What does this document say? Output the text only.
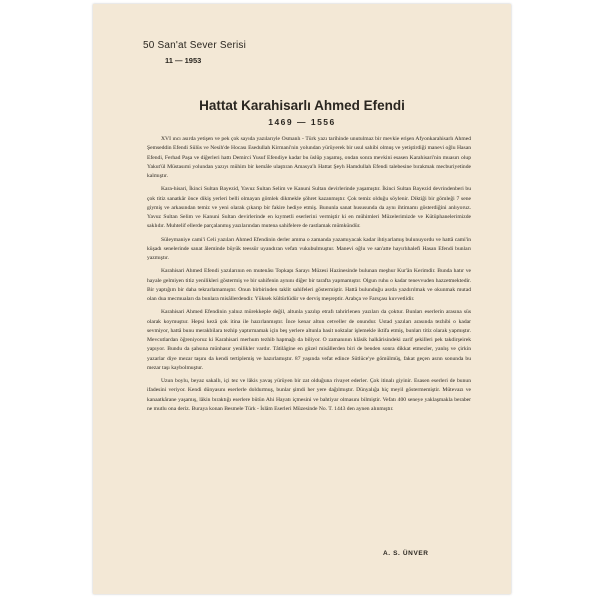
50 San'at Sever Serisi
11 — 1953
Hattat Karahisarlı Ahmed Efendi
1469 — 1556

XVI ıncı asırda yetişen ve pek çok sayıda yazılarıyle Osmanlı - Türk yazı tarihinde unutulmaz bir mevkie erişen Afyonkarahisarlı Ahmed Şemseddin Efendi Sülüs ve Nesih'de Hocası Esedullah Kirmani'nin yolundan yürüyerek bir usul sahibi olmuş ve yetiştirdiği manevi oğlu Hasan Efendi, Ferhad Paşa ve diğerleri hattı Demirci Yusuf Efendiye kadar bu üslûp yaşamış, ondan sonra mevkini esasen Karahisari'nin muasırı olup Yakut'ül Müstasımi yolundan yazıyı mühim bir kemâle ulaştıran Amasya'lı Hattat Şeyh Hamdullah Efendi talebesine bırakmak mecburiyetinde kalmıştır.

Kara-hisari, İkinci Sultan Bayezid, Yavuz Sultan Selim ve Kanuni Sultan devirlerinde yaşamıştır. İkinci Sultan Bayezid devrindenberi bu çok titiz sanatkâr önce dikiş yerleri belli olmayan gömlek dikmekle şöhret kazanmıştır. Çok temiz olduğu söylenir. Diktiği bir gömleği 7 sene giymiş ve arkasından temiz ve yeni olarak çıkarıp bir fakire hediye etmiş. Bununla sanat hususunda da aynı ihtimamı gösterdiğini anlıyoruz. Yavuz Sultan Selim ve Kanuni Sultan devirlerinde en kıymetli eserlerini vermiştir ki en mühimleri Müzelerimizde ve Kütüphanelerimizde saklıdır. Muhtelif ellerde parçalanmış yazılarından mutena sahifelere de rastlamak mümkündür.

Süleymaniye cami'i Celi yazıları Ahmed Efendinin derler amma o zamanda yazamıyacak kadar ihtiyarlamış bulunuyordu ve hattâ cami'in küşadı senelerinde sanat âleminde büyük teessür uyandıran vefatı vukubulmuştur. Manevi oğlu ve san'atte hayırlıhalefi Hasan Efendi bunları yazmıştır.

Karahisari Ahmed Efendi yazılarının en mutenâsı Topkapı Sarayı Müzesi Hazinesinde bulunan meşhur Kur'ân Kerimdir. Bunda hatır ve hayale gelmiyen titiz yenilikleri göstermiş ve bir sahifenin aynını diğer bir tarafta yapmamıştır. Olgun ruhu o kadar tenevvuden hazzetmektedir. Bir yaptığım bir daha tekrarlamamıştır. Onun birbirinden taklit sahifeleri göstermiştir. Hattâ bulunduğu asrda yazdırılmak ve okunmak mutad olan dua mecmuaları da bunlara misâllerdendir. Yüksek kültürlüdür ve derviş meşreptir. Arabça ve Farsçası kuvvetlidir.

Karahisari Ahmed Efendinin yalnız mürekkeple değil, altunla yazılıp etrafı tahrirlenen yazıları da çoktur. Bunları eserlerin arasına süs olarak koymuştur. Hepsi kezâ çok itina ile hazırlanmıştır. İnce kenar altun cetveller de onundur. Ustad yazıları arasında tezhibi o kadar sevmiyor, hattâ bunu merakbilara tezhip yaptırmamak için beş yerlere altunla basit noktalar işlemekle iktifa etmiş, bunları titiz olarak yapmıştır. Mevcutlardan öğreniyoruz ki Karahisari merhum tezhib hapmağı da biliyor. O zamanının klâsik halkârisindeki zarif şekilleri pek takdirşeirek yapıyor. Bundu da şahsına münhasır yenilikler vardır. Tâtilâgine en güzel misâllerden biri de benden sonra dikkat etmezler, yanlış ve çirkin yazarlar diye mezar taşını da kendi tertiplemiş ve hazırlamıştır. 87 yaşında vefat edince Sütlüce'ye gömülmüş, fakat geçen asrın sonunda bu mezar taşı kaybolmuştur.

Uzun boylu, beyaz sakallı, içi tez ve lâkis yavaş yürüyen bir zat olduğuna rivayet ederler. Çok itinalı giyinir. Esasen eserleri de bunun ifadesini veriyor. Kendi dünyasını eserlerle doldurmuş, bunlar şimdi her yere dağılmıştır. Dünyalığa hiç meyil göstermemiştir. Mütevazı ve kanaatkârane yaşamış, lâkin bıraktığı eserlere bütün Ahi Hayatı içmesini ve bahtiyar olmasını bilmiştir. Vefatı 400 seneye yaklaşmakla beraber ne mutlu ona deriz. Buraya konan Besmele Türk - İslâm Eserleri Müzesinde No. T. 1443 den aynen alınmıştır.

A. S. ÜNVER
